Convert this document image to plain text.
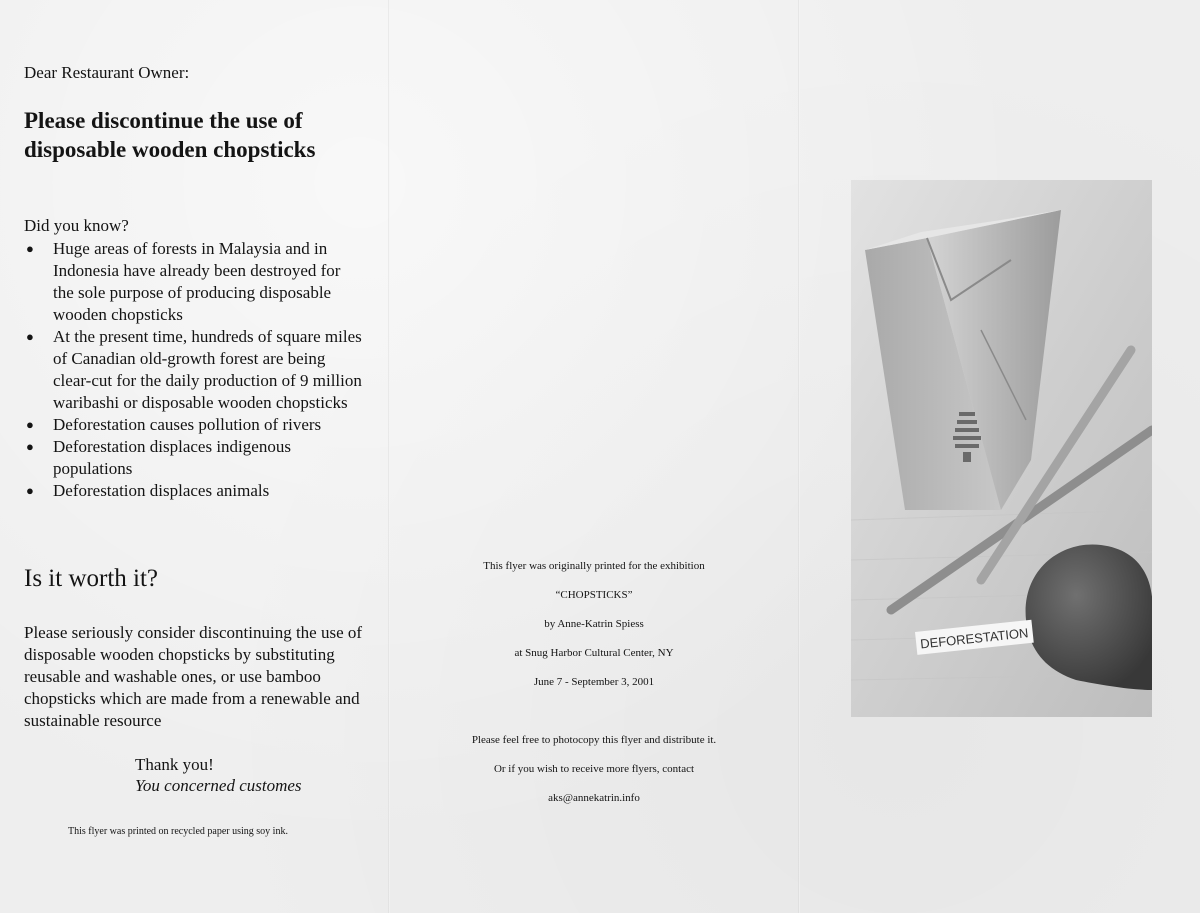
Dear Restaurant Owner:

Please discontinue the use of disposable wooden chopsticks

Did you know?

● Huge areas of forests in Malaysia and in Indonesia have already been destroyed for the sole purpose of producing disposable wooden chopsticks
● At the present time, hundreds of square miles of Canadian old-growth forest are being clear-cut for the daily production of 9 million waribashi or disposable wooden chopsticks
● Deforestation causes pollution of rivers
● Deforestation displaces indigenous populations
● Deforestation displaces animals
Is it worth it?

Please seriously consider discontinuing the use of disposable wooden chopsticks by substituting reusable and washable ones, or use bamboo chopsticks which are made from a renewable and sustainable resource

Thank you!

You concerned customes

This flyer was printed on recycled paper using soy ink.

This flyer was originally printed for the exhibition

“CHOPSTICKS”

by Anne-Katrin Spiess

at Snug Harbor Cultural Center, NY

June 7 - September 3, 2001

Please feel free to photocopy this flyer and distribute it.

Or if you wish to receive more flyers, contact

aks@annekatrin.info

DEFORESTATION
